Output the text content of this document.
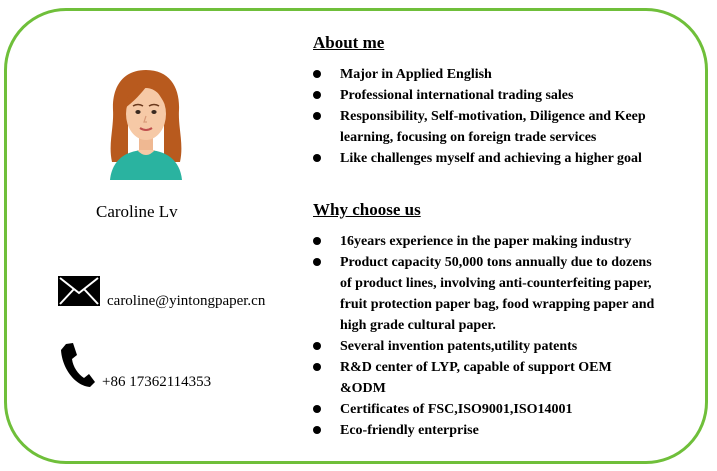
Caroline Lv
caroline@yintongpaper.cn
+86 17362114353
About me
Major in Applied English
Professional international trading sales
Responsibility, Self-motivation, Diligence and Keep learning, focusing on foreign trade services
Like challenges myself and achieving a higher goal
Why choose us
16years experience in the paper making industry
Product capacity 50,000 tons annually due to dozens of product lines, involving anti-counterfeiting paper, fruit protection paper bag, food wrapping paper and high grade cultural paper.
Several invention patents,utility patents
R&D center of LYP, capable of support OEM &ODM
Certificates of FSC,ISO9001,ISO14001
Eco-friendly enterprise
